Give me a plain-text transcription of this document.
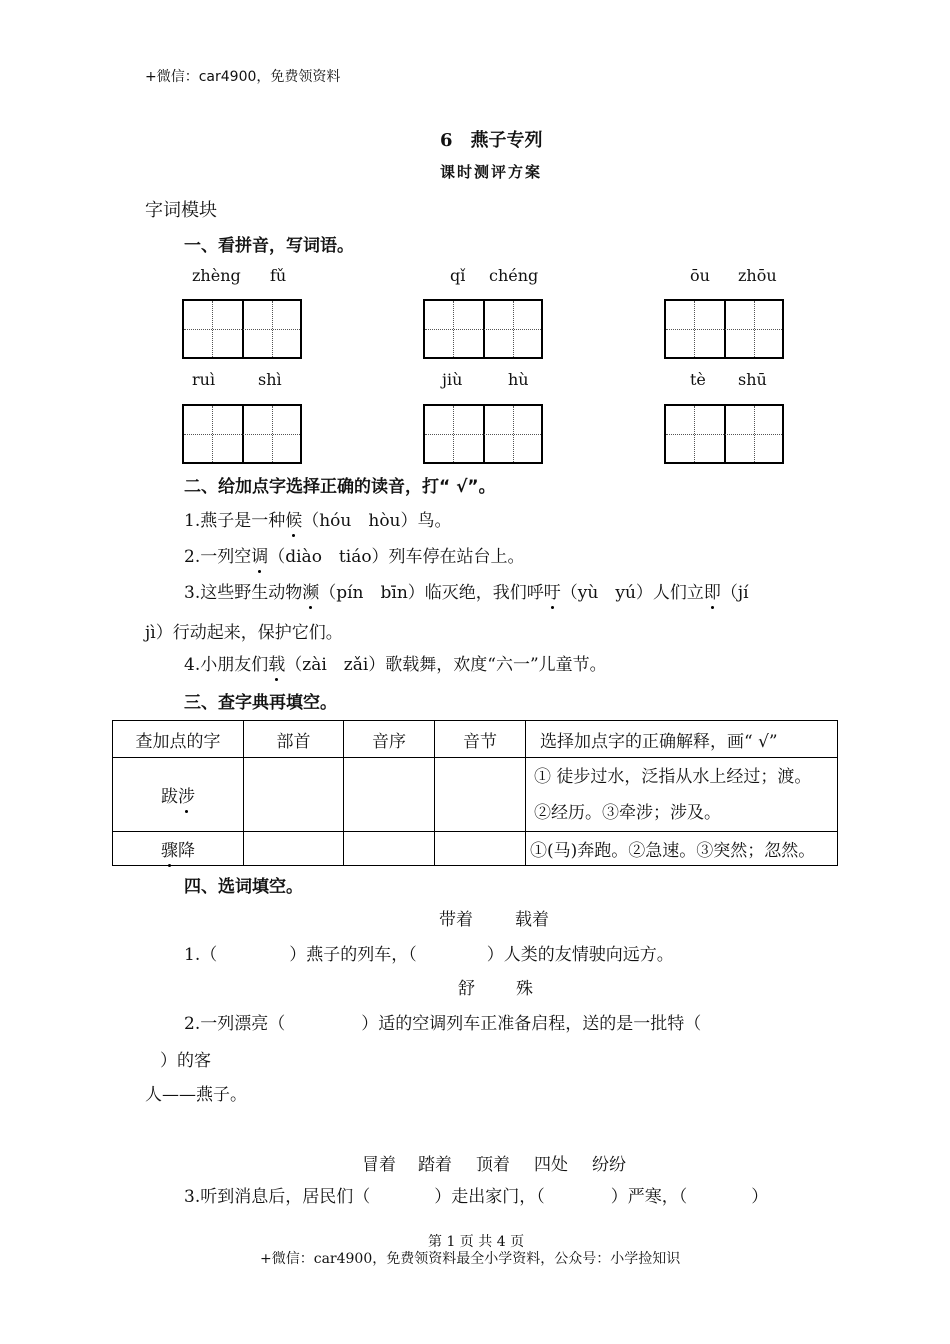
+微信：car4900，免费领资料
6　燕子专列
课时测评方案
字词模块
一、看拼音，写词语。
zhèng fǔ	qǐ chéng	ōu zhōu
ruì	shì	jiù	hù	tè shū
二、给加点字选择正确的读音，打“ √”。
1.燕子是一种候（hóu　hòu）鸟。
2.一列空调（diào　tiáo）列车停在站台上。
3.这些野生动物濒（pín　bīn）临灭绝，我们呼吁（yù　yú）人们立即（jí
jì）行动起来，保护它们。
4.小朋友们载（zài　zǎi）歌载舞，欢度“六一”儿童节。
三、查字典再填空。
查加点的字	部首	音序	音节	选择加点字的正确解释，画“ √”
跋涉				① 徒步过水，泛指从水上经过；渡。
②经历。③牵涉；涉及。

骤降				①(马)奔跑。②急速。③突然；忽然。
四、选词填空。
带着 载着
1.（	）燕子的列车，（	）人类的友情驶向远方。
舒 殊
2.一列漂亮（	）适的空调列车正准备启程，送的是一批特（
）的客
人——燕子。
冒着 踏着 顶着 四处 纷纷
3.听到消息后，居民们（	）走出家门，（	）严寒，（	）
第 1 页 共 4 页
+微信：car4900，免费领资料最全小学资料，公众号：小学捡知识
